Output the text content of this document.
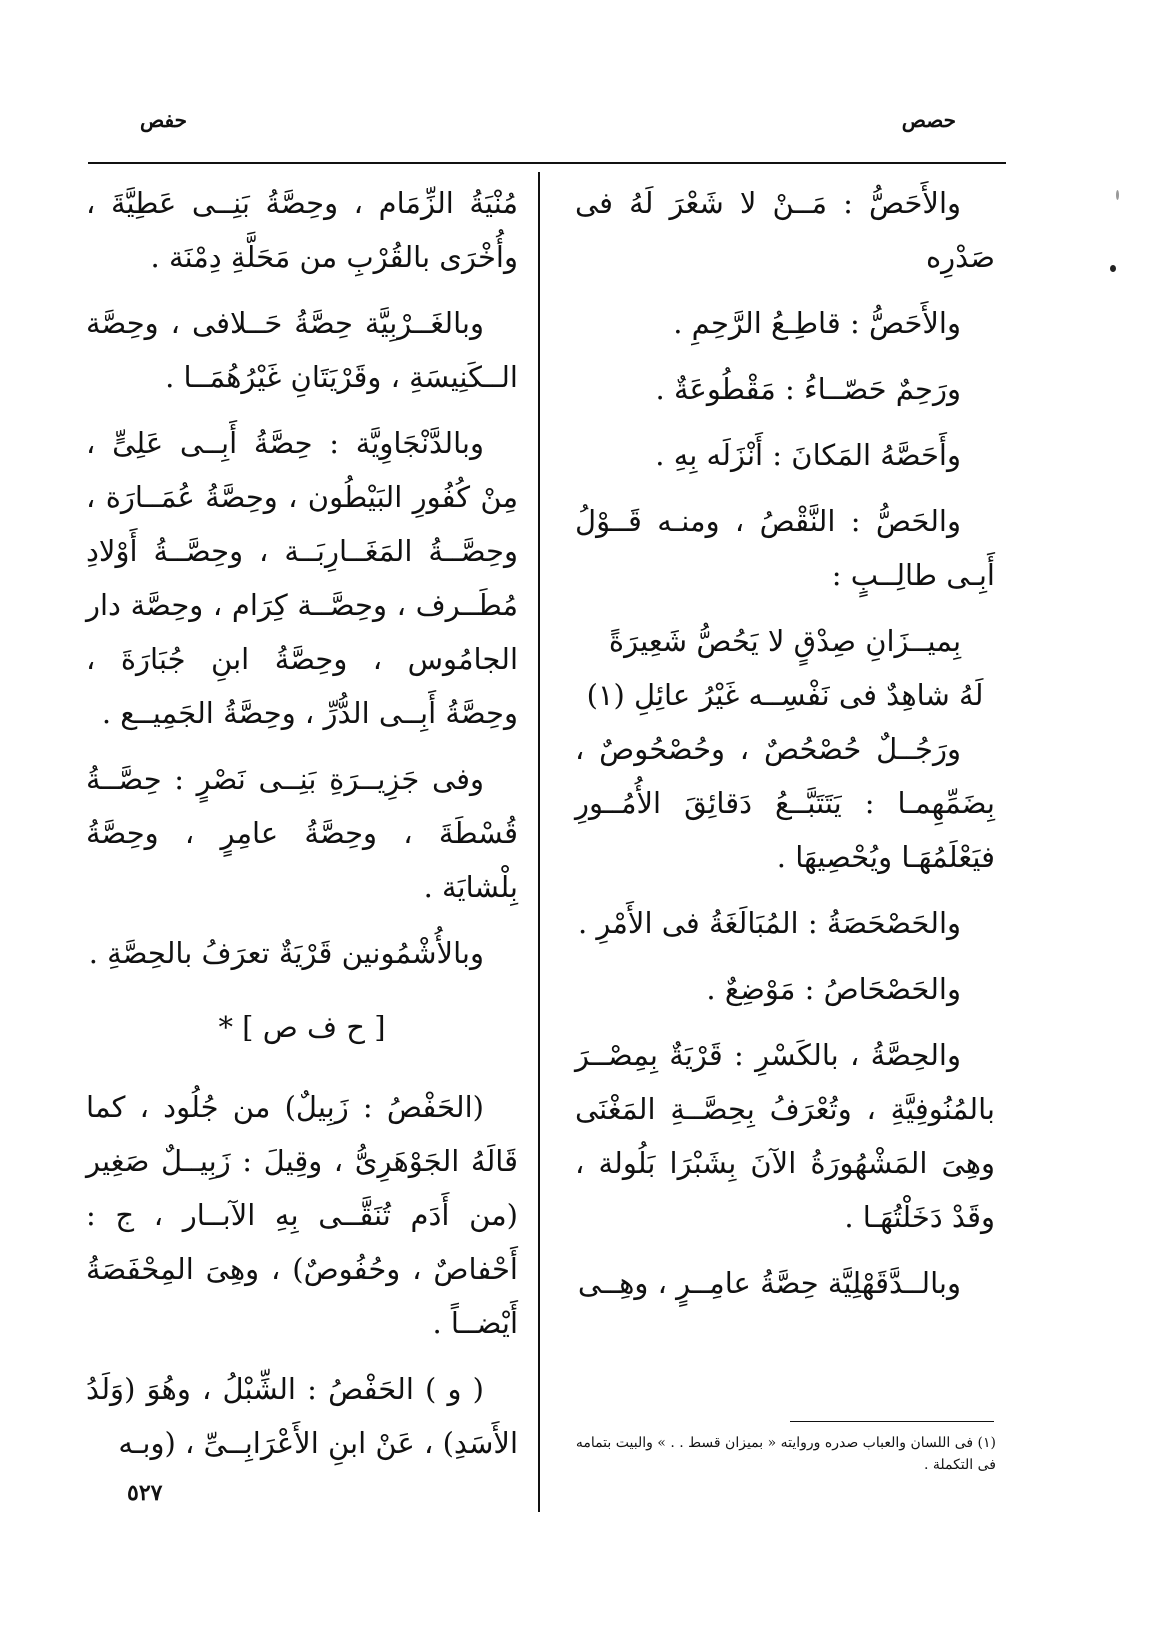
حصص
حفص

والأَحَصُّ : مَــنْ لا شَعْرَ لَهُ فى صَدْرِه

والأَحَصُّ : قاطِـعُ الرَّحِمِ .

ورَحِمٌ حَصّــاءُ : مَقْطُوعَةٌ .

وأَحَصَّهُ المَكانَ : أَنْزَلَه بِهِ .

والحَصُّ : النَّقْصُ ، ومنـه قَــوْلُ أَبِـى طالِــبٍ :

بِميــزَانِ صِدْقٍ لا يَحُصُّ شَعِيرَةً

لَهُ شاهِدٌ فى نَفْسِــه غَيْرُ عائِلِ (١)

ورَجُــلٌ حُصْحُصٌ ، وحُصْحُوصٌ ، بِضَمِّهِمـا : يَتَتَبَّــعُ دَقائِقَ الأُمُــورِ فيَعْلَمُهَـا ويُحْصِيهَا .

والحَصْحَصَةُ : المُبَالَغَةُ فى الأَمْرِ .

والحَصْحَاصُ : مَوْضِعٌ .

والحِصَّةُ ، بالكَسْرِ : قَرْيَةٌ بِمِصْــرَ بالمُنُوفِيَّةِ ، وتُعْرَفُ بِحِصَّــةِ المَغْنَى وهِىَ المَشْهُورَةُ الآنَ بِشَبْرَا بَلُولة ، وقَدْ دَخَلْتُهَـا .

وبالــدَّقَهْلِيَّة حِصَّةُ عامِــرٍ ، وهِــى

مُنْيَةُ الزِّمَام ، وحِصَّةُ بَنِــى عَطِيَّةَ ، وأُخْرَى بالقُرْبِ من مَحَلَّةِ دِمْنَة .

وبالغَــرْبِيَّة حِصَّةُ حَــلافى ، وحِصَّة الــكَنِيسَةِ ، وقَرْيَتَانِ غَيْرُهُمَــا .

وبالدَّنْجَاوِيَّة : حِصَّةُ أَبِــى عَلِىٍّ ، مِنْ كُفُورِ البَيْطُون ، وحِصَّةُ عُمَــارَة ، وحِصَّــةُ المَغَــارِبَــة ، وحِصَّــةُ أَوْلادِ مُطَــرف ، وحِصَّــة كِرَام ، وحِصَّة دار الجامُوس ، وحِصَّةُ ابنِ جُبَارَةَ ، وحِصَّةُ أَبِــى الدُّرِّ ، وحِصَّةُ الجَمِيــع .

وفى جَزِيــرَةِ بَنِــى نَصْرٍ : حِصَّــةُ قُسْطَةَ ، وحِصَّةُ عامِرٍ ، وحِصَّةُ بِلْشايَة .

وبالأُشْمُونين قَرْيَةٌ تعرَفُ بالحِصَّةِ .

[ ح ف ص ] *

(الحَفْصُ : زَبِيلٌ) من جُلُود ، كما قَالَهُ الجَوْهَرِىُّ ، وقِيلَ : زَبِيــلٌ صَغِير (من أَدَم تُنَقَّــى بِهِ الآبــار ، ج : أَحْفاصٌ ، وحُفُوصٌ) ، وهِىَ المِحْفَصَةُ أَيْضــاً .

( و ) الحَفْصُ : الشِّبْلُ ، وهُوَ (وَلَدُ الأَسَدِ) ، عَنْ ابنِ الأَعْرَابِــىِّ ، (وبـه	(١) فى اللسان والعباب صدره وروايته « بميزان قسط . . » والبيت بتمامه فى التكملة .
٥٢٧
